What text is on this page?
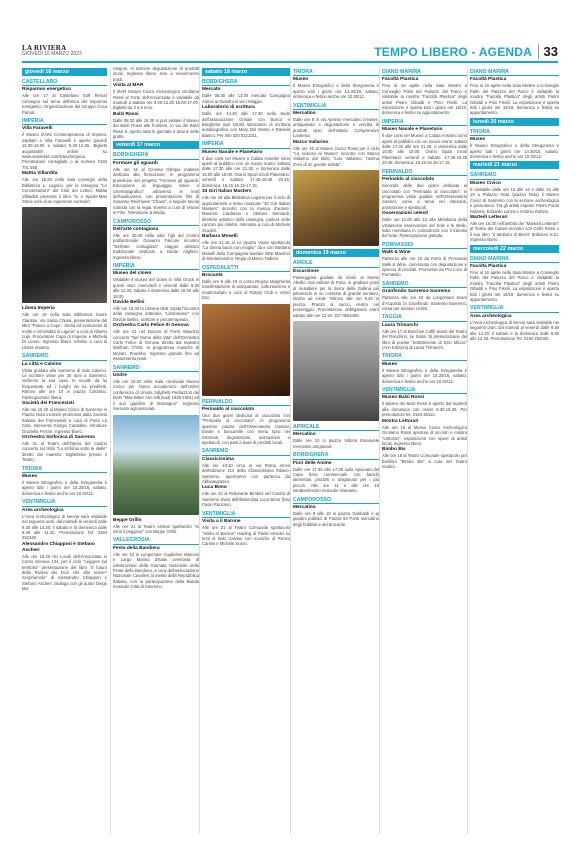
LA RIVIERA
GIOVEDÌ 16 MARZO 2023	TEMPO LIBERO - AGENDA 33
giovedì 16 marzo
CASTELLARO
Risparmio energetico
Alle ore 17 al Castellaro Golf Resort convegno sul tema dell'etica del risparmio energetico. Organizzazione del Gruppo Coca Panati.
IMPERIA
Villa Faravelli
Il Museo d'Arte Contemporanea di Imperia, ospitato a Villa Faravelli è aperto giovedì 15.00-18.00 e sabato 9.30-12.30. Biglietti acquistabili online su www.vivaticket.com/it/tour/imperia. Prenotazioni consigliate o al numero 0183 701 555.
Mattia Villardita
Alle ore 18.30 nella sala convegni della Biblioteca L. Lagorio, per la rassegna "Le Conversazioni" del Club dei Lettori, Mattia Villardita presenta il libro "Io e Spider-Man Storie vere di un supereroe normale".
Libera Imperia
Alle ore 19 nella Sala Biblioteca Suore Clarisse, Via Santa Chiara, presentazione del libro "Panico a Capo - Storia ed evoluzione di molte e criminalità in Liguria" a cura di Alberto Lupi, Procuratore Capo di Imperia, e Michela Di Leone. Ingresso libero. Infoline a cura di Libera Imperia.
SANREMO
La città e Calvino
Visita guidata alla Sanremo di Italo Calvino. Le scrittore visse per 20 anni a Sanremo, vedremo la sua casa, le scuole da lui frequentate ed i luoghi da lui prediletti. Ritrovo alle ore 10 in piazza Colombo. Partecipazione libera.
Società dei Francesisti
Alle ore 16.30 al Museo Civico di Sanremo in Piazza Nota incontro promosso dalla Società Italiana dei Francesisti a cura di Piera La Cola. Interverrà Giorgio Cataldino. Introduce Graziella Ferrari. Ingresso libero.
Orchestra Sinfonica di Sanremo
Alle 21 al Teatro dell'Opera del Casinò concerto sul titolo "La sinfonia sotto le stelle" diretto dal maestro. Biglietteria presso il Teatro.
TRIORA
Museo
Il Museo Etnografico e della Stregoneria è aperto tutti i giorni ore 14.30/18, sabato, domenica e festivi anche ore 10.30/12.
VENTIMIGLIA
Area archeologica
L'Area Archeologica di Nervia sarà visitabile nei seguenti orari: dal martedì al venerdì dalle 9.30 alle 14.30; il sabato e la domenica dalle 9.30 alle 14.30. Prenotazione Tel. 0184 252320.
Alessandro Chiappori e Stefano Ascheri
Alle ore 16.45 nei Locali dell'Annunziata in Corso Genova 134, per il ciclo "Leggere sul territorio" presentazione del libro "Il futuro della Riviera dei Fiori che dite scrive? Scopriamolo" di Alessandro Chiappori e Stefano Ascheri. Dialoga con gli autori Diego Ma-
rangoni. Al termine degustazione di prodotti locali. Ingresso libero sino a esaurimento posti.
Visita al MAR
Il MAR Museo Civico Archeologico Girolamo Rossi al Forte dell'Annunziata è visitabile da martedì a sabato ore 9.00-12.30 15.00-17.00. Biglietti da 3 a 6 euro.
Balzi Rossi
Dalle 08.30 alle 19.30 si può visitare il Museo dei Balzi Rossi alle frontiere, in via dei Balzi Rossi 9. Aperto tutte le giornate e alcune delle grotte.
venerdì 17 marzo
BORDIGHERA
Formare gli sguardi
Alle ore 16 al Cinema Olimpia matinée dedicata alla formazione, in programma proiezione del progetto "Formare gli sguardi. Educazione al linguaggio visivo e cinematografico" attraverso le lenti dell'audiovisivo, con presentazione film di Susanne Reichwein "Chaos", a seguire tavola rotonda con la regia. Evento a cura di Visioni in Film, Televisione & Media.
CAMPOROSSO
Dell'arte contagiosa
Alle ore 20.30 nella sala Tigli del Centro polifunzionale Giovanni Falcone incontro "Dell'arte contagiosa" viaggio artistico tradizionale dedicato a Dante Alighieri. Ingresso libero.
IMPERIA
Museo del clown
Visitabile il museo del clown in Villa Grock in questi orari: mercoledì e venerdì dalle 9.30 alle 12.30, sabato e domenica dalle 15.00 alle 18.00.
Davide Bellini
Alle ore 18.30 la Libreria Ubik ospita l'incontro della rassegna letteraria "Librinsieme" con Davide Bellini, scrittore e psicoterapeuta.
Orchestra Carlo Felice di Genova
Alle ore 21 nel Duomo di Porto Maurizio concerto "Nel Nome della Vita" dell'Orchestra Carlo Felice di Genova diretta dal maestro Wolfram Christ. In programma musiche di Mozart, Pouckhe. Ingresso gratuito fino ad esaurimento posti.
SANREMO
Unitre
Alle ore 16.00 nella Sala conviviale Museo Civico per l'anno accademico dell'Unitre conferenza di Ursula Salghetti Pedrazzoli dal titolo "Mae Bitter Ann Vill(mod) 1936-1904) ed il suo giardino di Bussagno". Ingresso riservato agli associati.
Beppe Grillo
Alle ore 21 al Teatro Ariston spettacolo "Io sono il peggiore" con Beppe Grillo.
VALLECROSIA
Festa della Bandiera
Alle ore 10 in Lungomare Guglielmo Marconi e Largo Marina d'Italia cerimonia di celebrazione della Giornata Nazionale della Festa della Bandiera, a cura dell'associazione Nazionale Cavalieri al merito della Repubblica Italiana, con la partecipazione della Banda musicale Città di Sanremo.
sabato 18 marzo
BORDIGHERA
Mercato
Dalle 08.30 alle 13.00 mercato Campagna Amica ai Giardini in via I Maggio.
Laboratorio di scrittura
Dalle ore 14.30 alle 17.30 nella Sede dell'associazione Grisaie con Bosco e Borghetto San Nicolò laboratorio di scrittura autobiografica con Mary Del Monte e Daniela Bianco. Per info 320 0221011.
IMPERIA
Museo Navale e Planetario
Il due corsi nel Museo a Calata Anselmi sono aperti al pubblico con un nuovo orario: sabato dalle 17.30 alle ore 21.30, e domenica dalle 15.00 alle 18.00. Orario Spazi Incoli Planetario: venerdì e sabato: 17.45-18.45 20.45; domenica: 15.15-16.15-17.15.
33 Giri Italian Masters
Alle ore 18 alla Biblioteca Lagorio per il ciclo di appuntamenti a tema musicale "33 Giri Italian Masters" incontro con la musica d'autore: Maurizio Cardaresi e Stefano Siemardi, direttore artistico della rassegna, parlerà delle canzoni più celebri. Intervista a cura di Michele Scuderi.
Barbara Moselli
Alle ore 21.15 al Lo Spazio Vuoto spettacolo "La donna bacia con mogliu" da e con Barbara Moselli della Compagnia teatrale NINI Maurino di Montemorsino. Regia di Marco Tadiero.
OSPEDALETTI
Brocante
Dalle ore 8 alle 19 in corso Regina Margherita manifestazione di antiquariato, collezionismo e modernariato a cura di Rotary Club e Amici Doc.
PERINALDO
Perinaldo al cioccolato
Una due giorni dedicata al cioccolato con "Perinaldo al cioccolato", in programma aperture piazza dell'Osservatorio Cassini, bande e bancarelle con menù tipici nei ristoranti, degustazioni, animazione e spettacoli, con parti a base di prodotti locali.
SANREMO
Classicissima
Alle ore 10:10 circa in via Roma arrivo dell'edizione 114 della Classicissima Milano-Sanremo, quest'anno con partenza da Abbiategrasso.
Luca Bono
Alle ore 22 al Ristorante Bimbaz del Casinò di Sanremo show dell'illusionista Luca Bono (foto Paolo Ranzani).
VENTIMIGLIA
Visita a il Barone
Alle ore 21 al Teatro Comunale spettacolo "Visita al Barone" reading di Paolo Hendel su testi di Italo Calvino con musiche di Renzo Cantini e Michele Scarci.
TRIORA
Museo
Il Museo Etnografico e della Stregoneria è aperto tutti i giorni ore 14.30/18, sabato, domenica e festivi anche ore 10.30/12.
VENTIMIGLIA
Mercatino
Dalle ore 8 in via Aprosio mercatino creative, antiquariato e degustazione e vendita di prodotti tipici dell'Istituto Comprensivo Lanterna.
Marco Vallarino
Alle ore 16 al Museo Civico Rossi per il ciclo "La scienza al Museo" incontro con Marco Vallarino dal titolo "Lino Vallarino, l'anima d'oro di un grande artista".
domenica 19 marzo
AIROLE
Escursione
Passeggiata guidata da Airole al Monte Abellio. Dal valfone di Paria, si gradisce posti di mulattiere per la Serra della Gallina più pittoreschi in un contesto di grande sentiero, ritorno ad Airole. Ritrovo alle ore 8.30 in piazza. Pranzo al sacco, rientro nel pomeriggio. Prenotazione obbligatoria entro sabato alle ore 12 tel. 327 0824466.
APRICALE
Mercatino
Dalle ore 10 in piazza Vittorio Emanuele mercatino artigianale.
BORDIGHERA
Fiori delle Anime
Dalle ore 17.30 alle 17.00 sulla Spianata del Capo fiera commerciale con banchi alimentari, prodotti e artigianato per i più piccoli. Alle ore 11 e alle ore 15 intrattenimento musicale itinerante.
CAMPOROSSO
Mercatino
Dalle ore 9 alle 19 in piazza Garibaldi e ai giardini pubblici di Piazza 50 Ponti mercatino degli hobbisti e del brocante.
DIANO MARINA
Facoltà Plastica
Fino al 16 aprile nella Sala Mostre a Conveglio Palm del Palazzo del Parco è visitabile la mostra "Facoltà Plastica" degli artisti Pietro Gibaldi e Pino Fissili. La esposizione è aperta tutti i giorni ore 16/19, domenica e festivi su appuntamento.
IMPERIA
Museo Navale e Planetario
Il due corsi nel Museo a Calata Anselmi sono aperti al pubblico con un nuovo orario: sabato dalle 17.30 alle ore 21.30, e domenica dalle 15.00 alle 18.00. Orario Spazi Incoli Planetario: venerdì e sabato: 17.45-18.45 20.45; domenica: 15.15-16.15-17.15.
PERINALDO
Perinaldo al cioccolato
Seconda delle due giorni dedicata al cioccolato con "Perinaldo al cioccolato", in programma visite guidate nell'Osservatorio Cassini, come a tema nei ristoranti, animazione e spettacoli.
Osservazioni celesti
Dalle ore 11.00 alle 13 alla Meridiana della Visitazione osservazioni del Sole e le stelle, sulla meridiana in coincidenza con il transito del Sole. Partecipazione gratuita.
PORNASSIO
Walk & Wine
Partenza alle ore 10 da Porto di Pornassio Walk & Wine, camminata con degustazione e spaccio di prodotti. Promossa da Pro Loco di Pornassio.
SANREMO
Granfondo Sanremo-Sanremo
Partenza alle ore 10 da Lungomare Salvo d'Acquisto la Granfondo Sanremo-Sanremo, corsa per amatori ciclisti.
TAGGIA
Laura Trimarchi
Alle ore 17 al Bancheri Caffè teatro del Teatro del Ranchino, se Salon 'di presentazione del libro di poesie "Sottotenente di Ezio Miccio" (Ann Edizioni) di Laura Trimarchi.
TRIORA
Museo
Il Museo Etnografico e della Stregoneria è aperto tutti i giorni ore 14.30/18, sabato, domenica e festivi anche ore 10.30/12.
VENTIMIGLIA
Museo Balzi Rossi
Il Museo dei Balzi Rossi è aperto dal martedì alla domenica con orario 8.30-19.30. Per prenotazioni tel. 0184 38113.
Mostra Lettorari
Alle ore 16 al Museo Civico Archeologico Girolamo Rossi apertura di incontri e mostra "Lettorari", esposizione con opere di artisti locali. Ingresso libero.
Bimbo Bis
Alle ore 16 al Teatro Comunale spettacolo per bambini "Bimbo Bis" a cura del Teatro Scalen.
DIANO MARINA
Facoltà Plastica
Fino al 16 aprile nella Sala Mostre a Conveglio Palm del Palazzo del Parco è visitabile la mostra "Facoltà Plastica" degli artisti Pietro Gibaldi e Pino Fissili. La esposizione è aperta tutti i giorni ore 16/19, domenica e festivi su appuntamento.
lunedì 20 marzo
TRIORA
Museo
Il Museo Etnografico e della Stregoneria è aperto tutti i giorni ore 14.30/18, sabato, domenica e festivi anche ore 10.30/12.
martedì 21 marzo
SANREMO
Museo Civico
È visitabile dalle ore 10 alle 12 e dalle 15 alle 19 a Palazzo Nota (piazza Nota) il Museo Civico di Sanremo con la sezione archeologica e pinacoteca. Tra gli artisti esposti: Pietro Paolo Rubens, Edoardo Lanza e Antonio Rubino.
Martedì Letterari
Alle ore 16.30 nell'ambito dei "Martedì Letterari" al Teatro del Casinò incontro con Carlo Rossi e il suo libro "Il tamburo di Berra" (Edizioni ICS). Ingresso libero.
mercoledì 22 marzo
DIANO MARINA
Facoltà Plastica
Fino al 16 aprile nella Sala Mostre a Conveglio Palm del Palazzo del Parco è visitabile la mostra "Facoltà Plastica" degli artisti Pietro Gibaldi e Pino Fissili. La esposizione è aperta tutti i giorni ore 16/19, domenica e festivi su appuntamento.
VENTIMIGLIA
Area archeologica
L'Area Archeologica di Nervia sarà visitabile nei seguenti orari: dal martedì al venerdì dalle 9.30 alle 14.30; il sabato e la domenica dalle 9.30 alle 14.30. Prenotazione Tel. 0184 252320.
